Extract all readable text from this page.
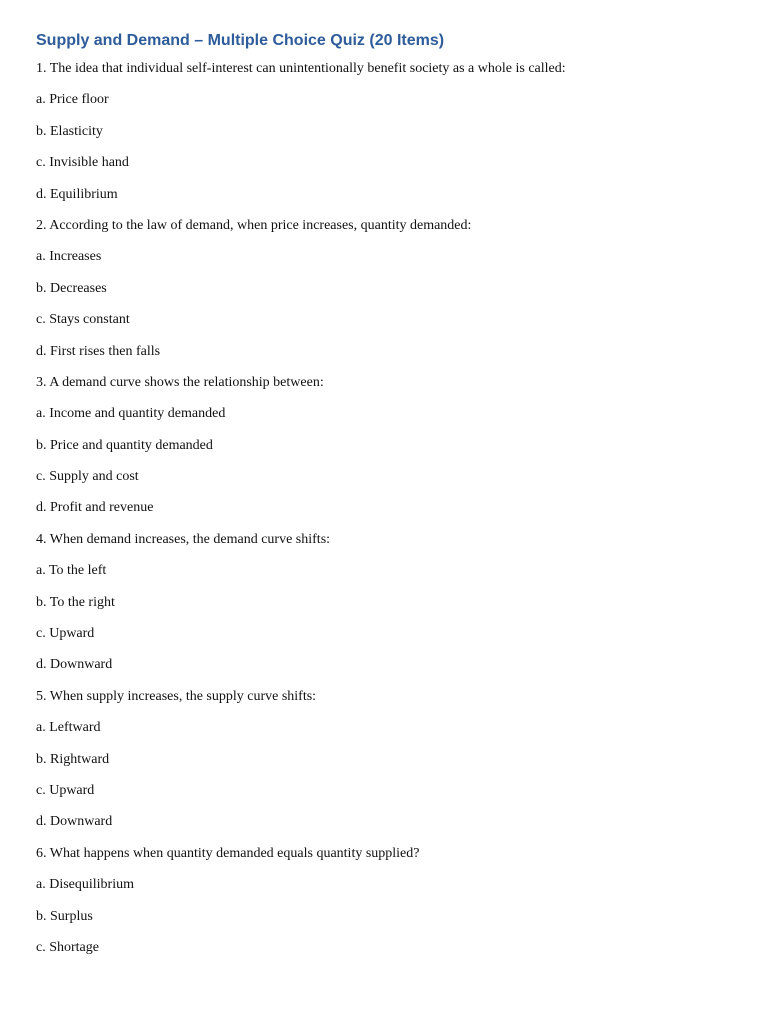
Supply and Demand – Multiple Choice Quiz (20 Items)
1. The idea that individual self-interest can unintentionally benefit society as a whole is called:
a. Price floor
b. Elasticity
c. Invisible hand
d. Equilibrium
2. According to the law of demand, when price increases, quantity demanded:
a. Increases
b. Decreases
c. Stays constant
d. First rises then falls
3. A demand curve shows the relationship between:
a. Income and quantity demanded
b. Price and quantity demanded
c. Supply and cost
d. Profit and revenue
4. When demand increases, the demand curve shifts:
a. To the left
b. To the right
c. Upward
d. Downward
5. When supply increases, the supply curve shifts:
a. Leftward
b. Rightward
c. Upward
d. Downward
6. What happens when quantity demanded equals quantity supplied?
a. Disequilibrium
b. Surplus
c. Shortage
